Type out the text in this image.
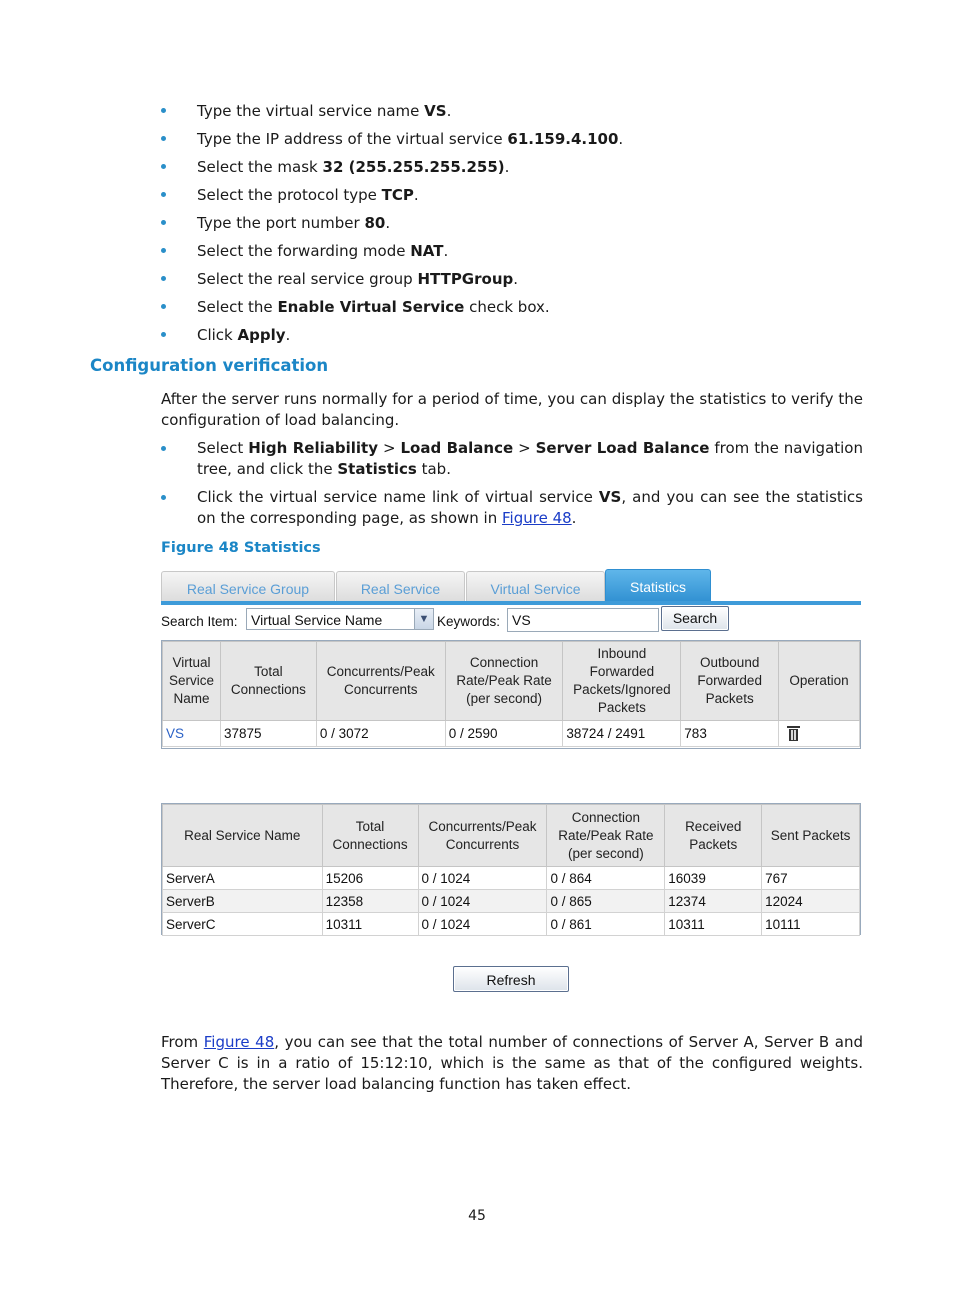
Type the virtual service name VS.
Type the IP address of the virtual service 61.159.4.100.
Select the mask 32 (255.255.255.255).
Select the protocol type TCP.
Type the port number 80.
Select the forwarding mode NAT.
Select the real service group HTTPGroup.
Select the Enable Virtual Service check box.
Click Apply.
Configuration verification

After the server runs normally for a period of time, you can display the statistics to verify the configuration of load balancing.

Select High Reliability > Load Balance > Server Load Balance from the navigation tree, and click the Statistics tab.
Click the virtual service name link of virtual service VS, and you can see the statistics on the corresponding page, as shown in Figure 48.
Figure 48 Statistics
Real Service Group	Real Service	Virtual Service	Statistics
Search Item: Virtual Service Name	▼ Keywords: VS	Search
Virtual Service Name	Total Connections	Concurrents/Peak Concurrents	Connection Rate/Peak Rate (per second)	Inbound Forwarded Packets/Ignored Packets	Outbound Forwarded Packets	Operation
VS	37875	0 / 3072	0 / 2590	38724 / 2491	783	
Real Service Name	Total Connections	Concurrents/Peak Concurrents	Connection Rate/Peak Rate (per second)	Received Packets	Sent Packets
ServerA	15206	0 / 1024	0 / 864	16039	767
ServerB	12358	0 / 1024	0 / 865	12374	12024
ServerC	10311	0 / 1024	0 / 861	10311	10111
Refresh

From Figure 48, you can see that the total number of connections of Server A, Server B and Server C is in a ratio of 15:12:10, which is the same as that of the configured weights. Therefore, the server load balancing function has taken effect.

45
